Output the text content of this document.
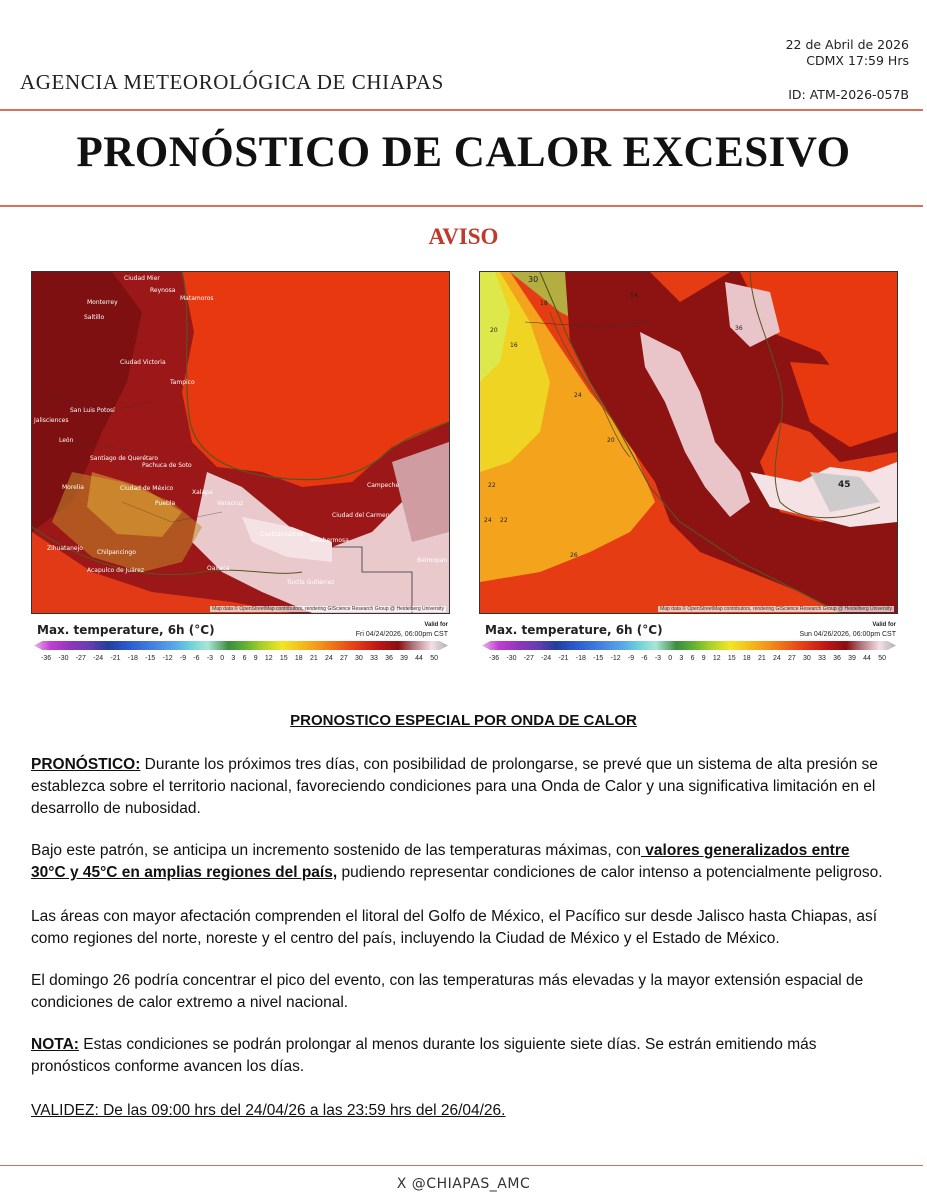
AGENCIA METEOROLÓGICA DE CHIAPAS
22 de Abril de 2026
CDMX 17:59 Hrs
ID: ATM-2026-057B
PRONÓSTICO DE CALOR EXCESIVO
AVISO
Ciudad Mier
Reynosa
Monterrey
Matamoros
Saltillo
Ciudad Victoria
San Luis Potosí
Tampico
Jalisciences
León
Santiago de Querétaro
Pachuca de Soto
Morelia	Ciudad de México
Puebla
Xalapa
Veracruz
Coatzacoalcos
Villahermosa
Campeche
Ciudad del Carmen
Chilpancingo
Acapulco de Juárez	Oaxaca
Tuxtla Gutiérrez
Belmopan
Zihuatanejo
Map data © OpenStreetMap contributors, rendering GIScience Research Group @ Heidelberg University
20
14
18
22
16
24
36
20
22
45
24
26
30
Map data © OpenStreetMap contributors, rendering GIScience Research Group @ Heidelberg University
Max. temperature, 6h (°C)	Valid for
Fri 04/24/2026, 06:00pm CST
-36 -30 -27 -24 -21 -18 -15 -12 -9 -6 -3 0 3 6 9 12 15 18 21 24 27 30 33 36 39 44 50
Max. temperature, 6h (°C)	Valid for
Sun 04/26/2026, 06:00pm CST
-36 -30 -27 -24 -21 -18 -15 -12 -9 -6 -3 0 3 6 9 12 15 18 21 24 27 30 33 36 39 44 50
PRONOSTICO ESPECIAL POR ONDA DE CALOR

PRONÓSTICO: Durante los próximos tres días, con posibilidad de prolongarse, se prevé que un sistema de alta presión se establezca sobre el territorio nacional, favoreciendo condiciones para una Onda de Calor y una significativa limitación en el desarrollo de nubosidad.

Bajo este patrón, se anticipa un incremento sostenido de las temperaturas máximas, con valores generalizados entre 30°C y 45°C en amplias regiones del país, pudiendo representar condiciones de calor intenso a potencialmente peligroso.

Las áreas con mayor afectación comprenden el litoral del Golfo de México, el Pacífico sur desde Jalisco hasta Chiapas, así como regiones del norte, noreste y el centro del país, incluyendo la Ciudad de México y el Estado de México.

El domingo 26 podría concentrar el pico del evento, con las temperaturas más elevadas y la mayor extensión espacial de condiciones de calor extremo a nivel nacional.

NOTA: Estas condiciones se podrán prolongar al menos durante los siguiente siete días. Se estrán emitiendo más pronósticos conforme avancen los días.

VALIDEZ: De las 09:00 hrs del 24/04/26 a las 23:59 hrs del 26/04/26.

X @CHIAPAS_AMC
